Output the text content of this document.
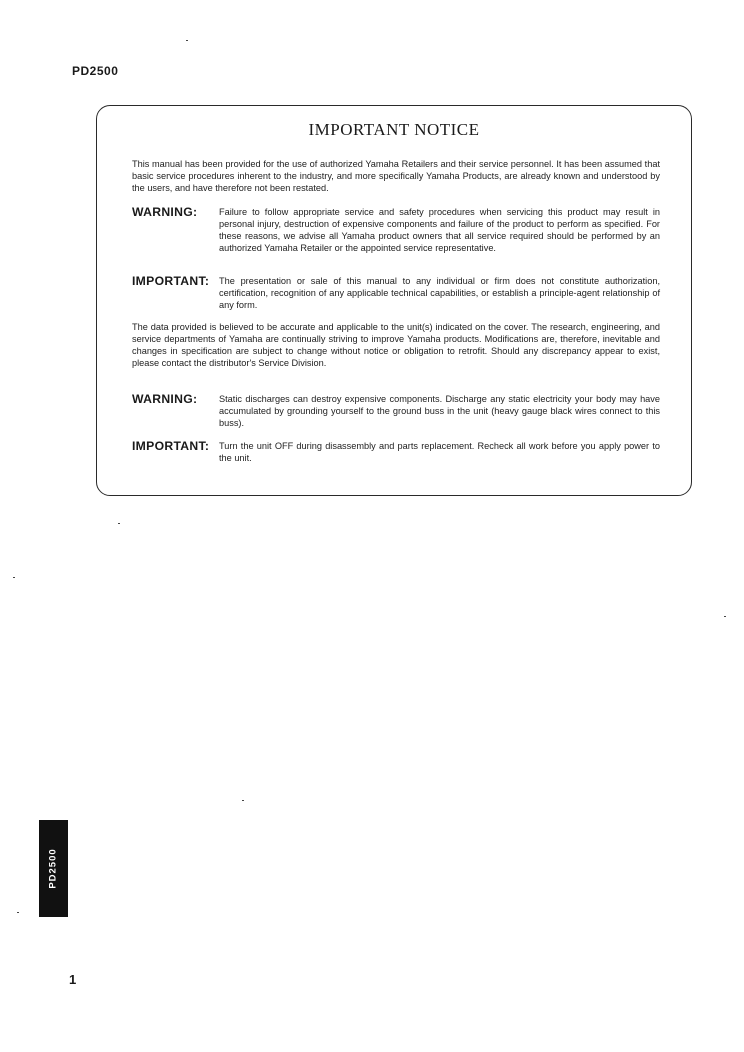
PD2500
IMPORTANT NOTICE
This manual has been provided for the use of authorized Yamaha Retailers and their service personnel. It has been assumed that basic service procedures inherent to the industry, and more specifically Yamaha Products, are already known and understood by the users, and have therefore not been restated.
WARNING: Failure to follow appropriate service and safety procedures when servicing this product may result in personal injury, destruction of expensive components and failure of the product to perform as specified. For these reasons, we advise all Yamaha product owners that all service required should be performed by an authorized Yamaha Retailer or the appointed service representative.
IMPORTANT: The presentation or sale of this manual to any individual or firm does not constitute authorization, certification, recognition of any applicable technical capabilities, or establish a principle-agent relationship of any form.
The data provided is believed to be accurate and applicable to the unit(s) indicated on the cover. The research, engineering, and service departments of Yamaha are continually striving to improve Yamaha products. Modifications are, therefore, inevitable and changes in specification are subject to change without notice or obligation to retrofit. Should any discrepancy appear to exist, please contact the distributor's Service Division.
WARNING: Static discharges can destroy expensive components. Discharge any static electricity your body may have accumulated by grounding yourself to the ground buss in the unit (heavy gauge black wires connect to this buss).
IMPORTANT: Turn the unit OFF during disassembly and parts replacement. Recheck all work before you apply power to the unit.
PD2500
1
